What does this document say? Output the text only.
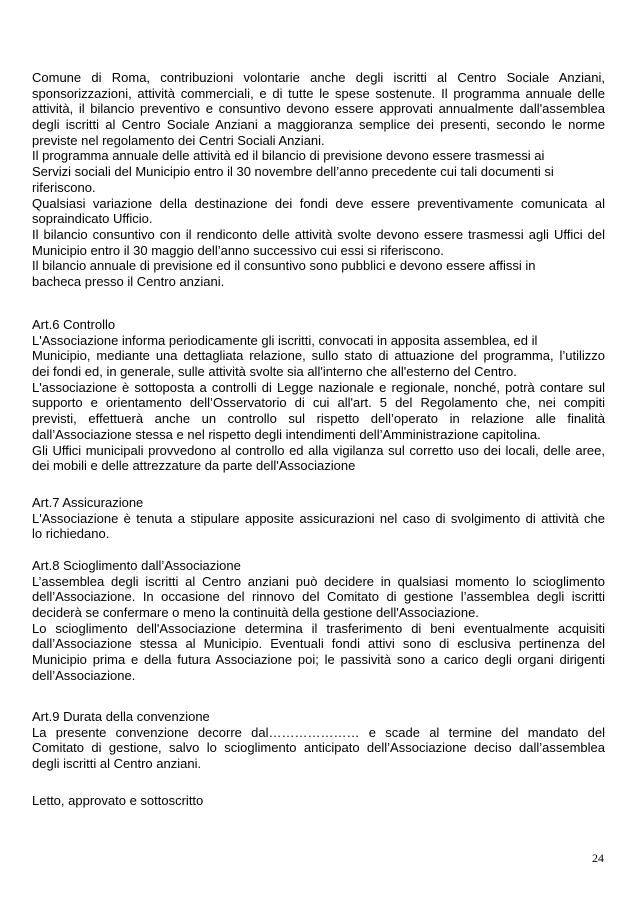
Comune di Roma, contribuzioni volontarie anche degli iscritti al Centro Sociale Anziani,
sponsorizzazioni, attività commerciali, e di tutte le spese sostenute. Il programma annuale delle
attività, il bilancio preventivo e consuntivo devono essere approvati annualmente dall'assemblea
degli iscritti al Centro Sociale Anziani a maggioranza semplice dei presenti, secondo le norme
previste nel regolamento dei Centri Sociali Anziani.
Il programma annuale delle attività ed il bilancio di previsione devono essere trasmessi ai
Servizi sociali del Municipio entro il 30 novembre dell’anno precedente cui tali documenti si
riferiscono.
Qualsiasi variazione della destinazione dei fondi deve essere preventivamente comunicata al
sopraindicato Ufficio.
Il bilancio consuntivo con il rendiconto delle attività svolte devono essere trasmessi agli Uffici del
Municipio entro il 30 maggio dell’anno successivo cui essi si riferiscono.
Il bilancio annuale di previsione ed il consuntivo sono pubblici e devono essere affissi in
bacheca presso il Centro anziani.
Art.6 Controllo
L'Associazione informa periodicamente gli iscritti, convocati in apposita assemblea, ed il
Municipio, mediante una dettagliata relazione, sullo stato di attuazione del programma, l’utilizzo
dei fondi ed, in generale, sulle attività svolte sia all'interno che all'esterno del Centro.
L'associazione è sottoposta a controlli di Legge nazionale e regionale, nonché, potrà contare sul
supporto e orientamento dell’Osservatorio di cui all'art. 5 del Regolamento che, nei compiti
previsti, effettuerà anche un controllo sul rispetto dell’operato in relazione alle finalità
dall’Associazione stessa e nel rispetto degli intendimenti dell’Amministrazione capitolina.
Gli Uffici municipali provvedono al controllo ed alla vigilanza sul corretto uso dei locali, delle aree,
dei mobili e delle attrezzature da parte dell'Associazione
Art.7 Assicurazione
L'Associazione è tenuta a stipulare apposite assicurazioni nel caso di svolgimento di attività che
lo richiedano.
Art.8 Scioglimento dall’Associazione
L’assemblea degli iscritti al Centro anziani può decidere in qualsiasi momento lo scioglimento
dell’Associazione. In occasione del rinnovo del Comitato di gestione l’assemblea degli iscritti
deciderà se confermare o meno la continuità della gestione dell'Associazione.
Lo scioglimento dell'Associazione determina il trasferimento di beni eventualmente acquisiti
dall’Associazione stessa al Municipio. Eventuali fondi attivi sono di esclusiva pertinenza del
Municipio prima e della futura Associazione poi; le passività sono a carico degli organi dirigenti
dell’Associazione.
Art.9 Durata della convenzione
La presente convenzione decorre dal………………… e scade al termine del mandato del
Comitato di gestione, salvo lo scioglimento anticipato dell’Associazione deciso dall’assemblea
degli iscritti al Centro anziani.
Letto, approvato e sottoscritto
24
